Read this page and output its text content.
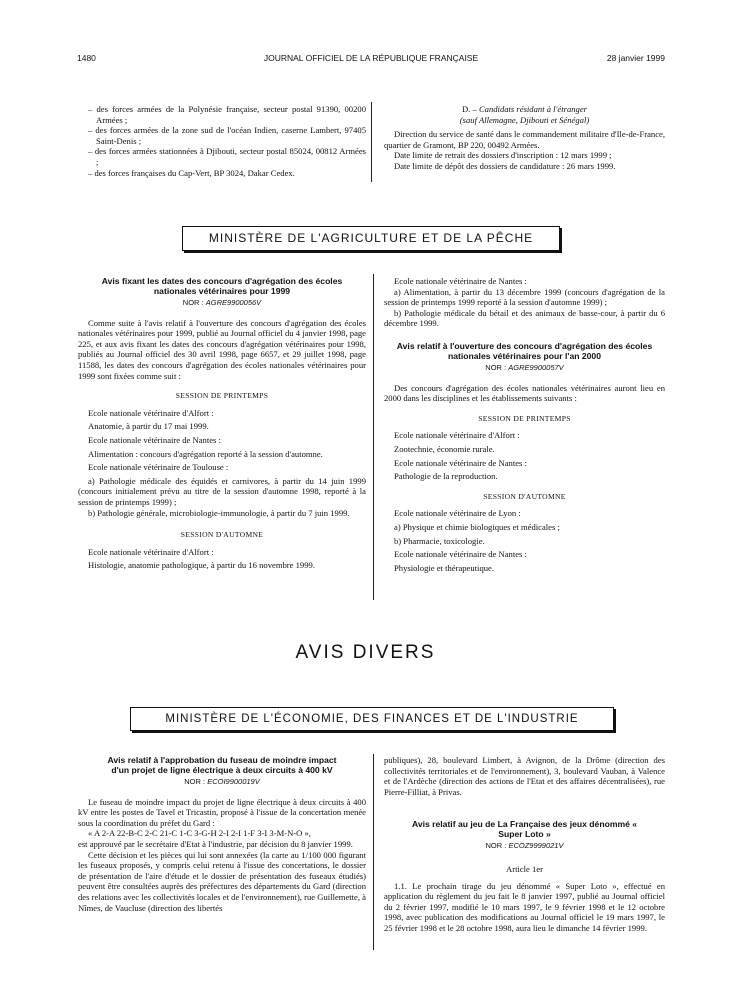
1480	JOURNAL OFFICIEL DE LA RÉPUBLIQUE FRANÇAISE	28 janvier 1999

– des forces armées de la Polynésie française, secteur postal 91390, 00200 Armées ;

– des forces armées de la zone sud de l'océan Indien, caserne Lambert, 97405 Saint-Denis ;

– des forces armées stationnées à Djibouti, secteur postal 85024, 00812 Armées ;

– des forces françaises du Cap-Vert, BP 3024, Dakar Cedex.

D. – Candidats résidant à l'étranger

(sauf Allemagne, Djibouti et Sénégal)

Direction du service de santé dans le commandement militaire d'Ile-de-France, quartier de Gramont, BP 220, 00492 Armées.

Date limite de retrait des dossiers d'inscription : 12 mars 1999 ;

Date limite de dépôt des dossiers de candidature : 26 mars 1999.

MINISTÈRE DE L'AGRICULTURE ET DE LA PÊCHE
Avis fixant les dates des concours d'agrégation des écoles nationales vétérinaires pour 1999
NOR : AGRE9900056V

Comme suite à l'avis relatif à l'ouverture des concours d'agrégation des écoles nationales vétérinaires pour 1999, publié au Journal officiel du 4 janvier 1998, page 225, et aux avis fixant les dates des concours d'agrégation vétérinaires pour 1998, publiés au Journal officiel des 30 avril 1998, page 6657, et 29 juillet 1998, page 11588, les dates des concours d'agrégation des écoles nationales vétérinaires pour 1999 sont fixées comme suit :

SESSION DE PRINTEMPS

Ecole nationale vétérinaire d'Alfort :

Anatomie, à partir du 17 mai 1999.

Ecole nationale vétérinaire de Nantes :

Alimentation : concours d'agrégation reporté à la session d'automne.

Ecole nationale vétérinaire de Toulouse :

a) Pathologie médicale des équidés et carnivores, à partir du 14 juin 1999 (concours initialement prévu au titre de la session d'automne 1998, reporté à la session de printemps 1999) ;

b) Pathologie générale, microbiologie-immunologie, à partir du 7 juin 1999.

SESSION D'AUTOMNE

Ecole nationale vétérinaire d'Alfort :

Histologie, anatomie pathologique, à partir du 16 novembre 1999.

Ecole nationale vétérinaire de Nantes :

a) Alimentation, à partir du 13 décembre 1999 (concours d'agrégation de la session de printemps 1999 reporté à la session d'automne 1999) ;

b) Pathologie médicale du bétail et des animaux de basse-cour, à partir du 6 décembre 1999.

Avis relatif à l'ouverture des concours d'agrégation des écoles nationales vétérinaires pour l'an 2000
NOR : AGRE9900057V

Des concours d'agrégation des écoles nationales vétérinaires auront lieu en 2000 dans les disciplines et les établissements suivants :

SESSION DE PRINTEMPS

Ecole nationale vétérinaire d'Alfort :

Zootechnie, économie rurale.

Ecole nationale vétérinaire de Nantes :

Pathologie de la reproduction.

SESSION D'AUTOMNE

Ecole nationale vétérinaire de Lyon :

a) Physique et chimie biologiques et médicales ;

b) Pharmacie, toxicologie.

Ecole nationale vétérinaire de Nantes :

Physiologie et thérapeutique.

AVIS DIVERS
MINISTÈRE DE L'ÉCONOMIE, DES FINANCES ET DE L'INDUSTRIE
Avis relatif à l'approbation du fuseau de moindre impact d'un projet de ligne électrique à deux circuits à 400 kV
NOR : ECOI9900019V

Le fuseau de moindre impact du projet de ligne électrique à deux circuits à 400 kV entre les postes de Tavel et Tricastin, proposé à l'issue de la concertation menée sous la coordination du préfet du Gard :

« A 2-A 22-B-C 2-C 21-C 1-C 3-G-H 2-I 2-I 1-F 3-I 3-M-N-O »,

est approuvé par le secrétaire d'Etat à l'industrie, par décision du 8 janvier 1999.

Cette décision et les pièces qui lui sont annexées (la carte au 1/100 000 figurant les fuseaux proposés, y compris celui retenu à l'issue des concertations, le dossier de présentation de l'aire d'étude et le dossier de présentation des fuseaux étudiés) peuvent être consultées auprès des préfectures des départements du Gard (direction des relations avec les collectivités locales et de l'environnement), rue Guillemette, à Nîmes, de Vaucluse (direction des libertés

publiques), 28, boulevard Limbert, à Avignon, de la Drôme (direction des collectivités territoriales et de l'environnement), 3, boulevard Vauban, à Valence et de l'Ardèche (direction des actions de l'Etat et des affaires décentralisées), rue Pierre-Filliat, à Privas.

Avis relatif au jeu de La Française des jeux dénommé « Super Loto »
NOR : ECOZ9999021V

Article 1er

1.1. Le prochain tirage du jeu dénommé « Super Loto », effectué en application du règlement du jeu fait le 8 janvier 1997, publié au Journal officiel du 2 février 1997, modifié le 10 mars 1997, le 9 février 1998 et le 12 octobre 1998, avec publication des modifications au Journal officiel le 19 mars 1997, le 25 février 1998 et le 28 octobre 1998, aura lieu le dimanche 14 février 1999.
